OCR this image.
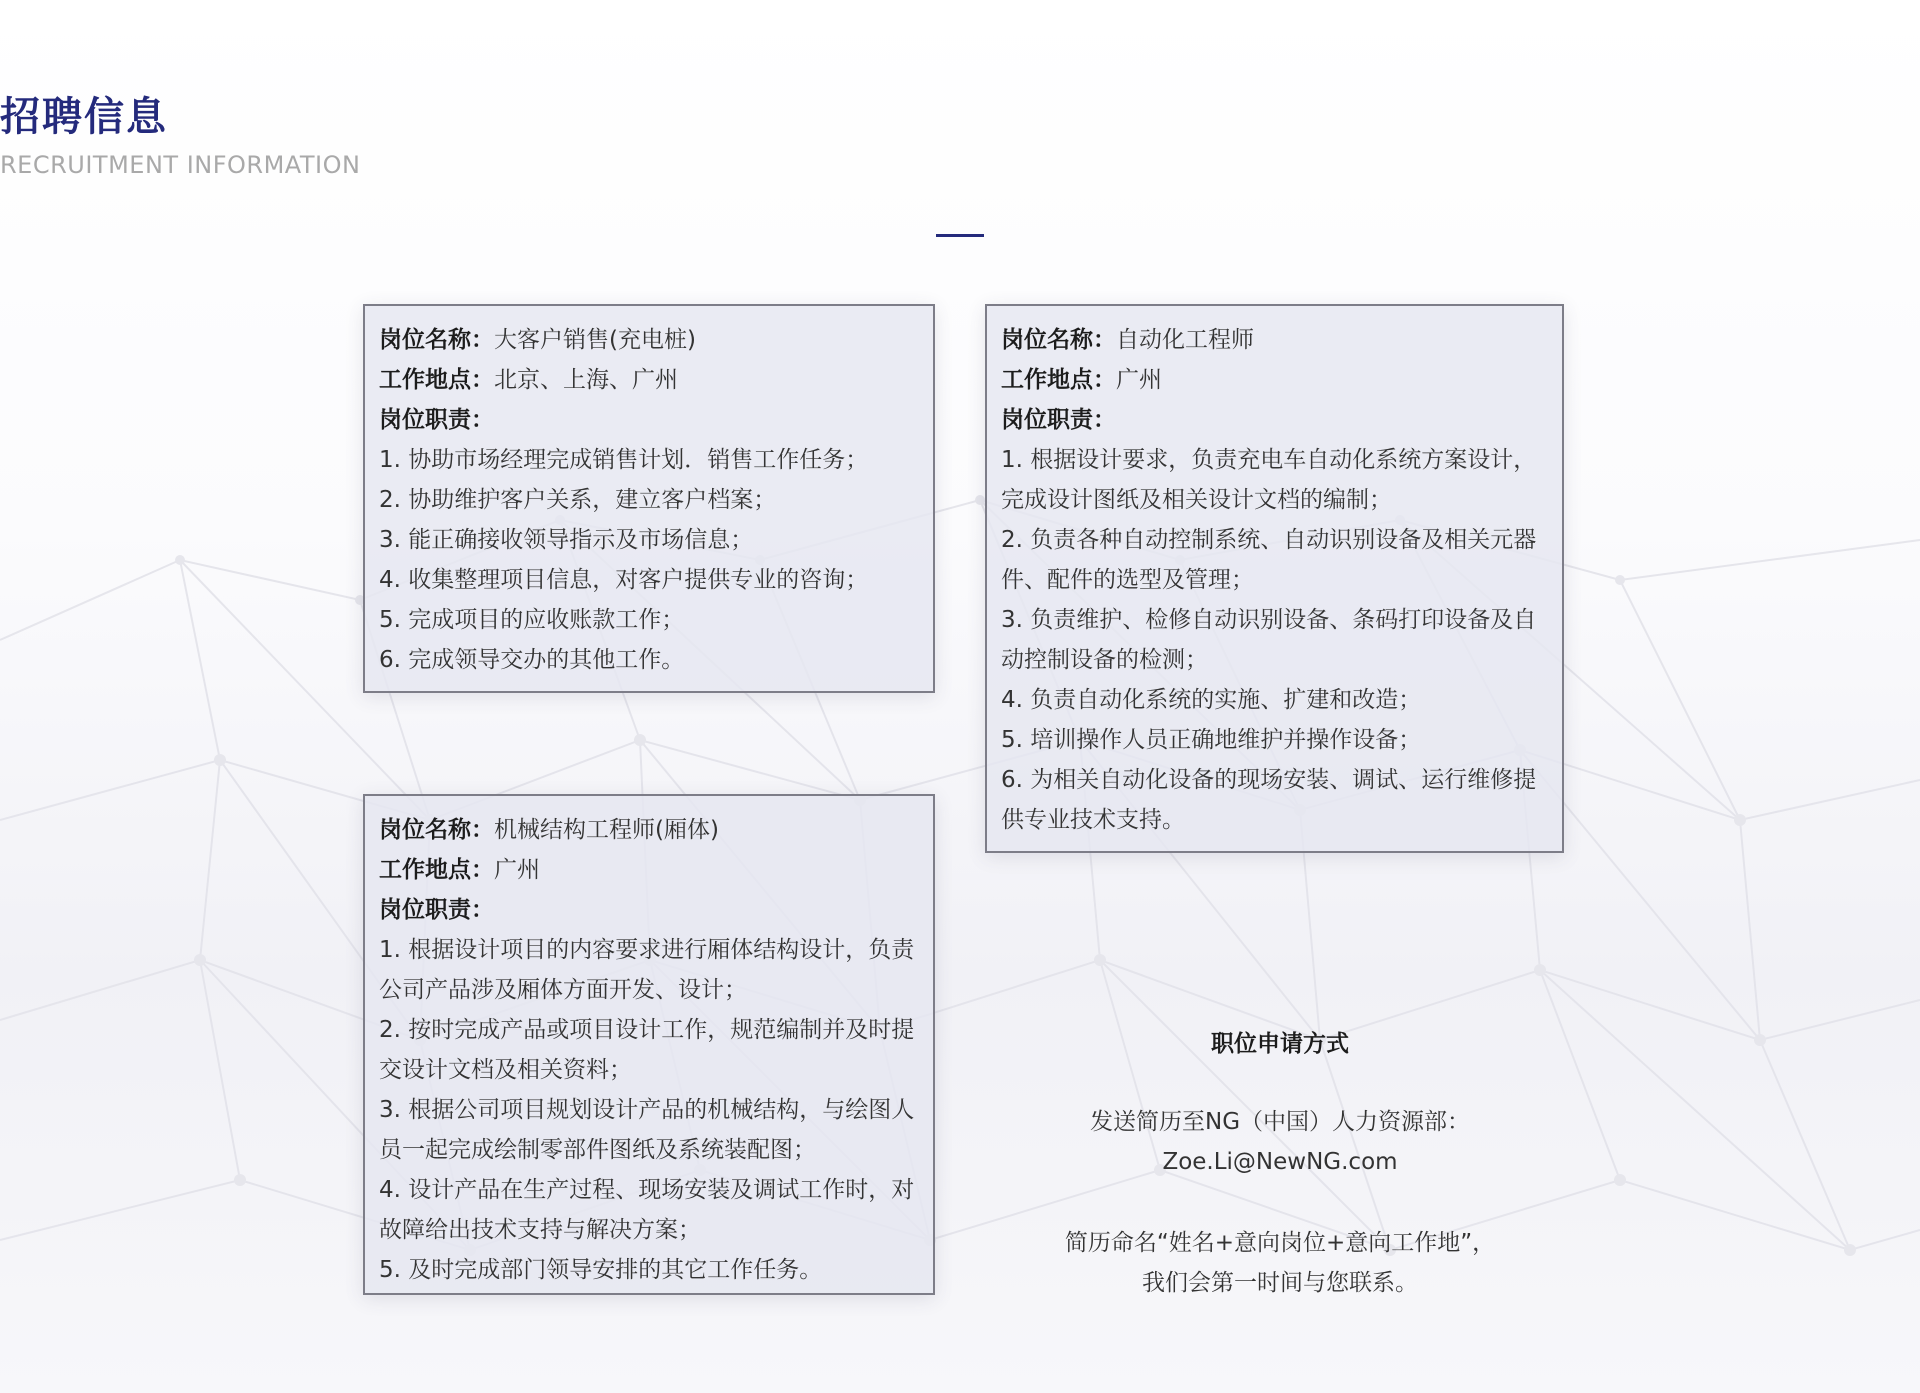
招聘信息
RECRUITMENT INFORMATION
岗位名称：大客户销售(充电桩)
工作地点：北京、上海、广州
岗位职责：
1. 协助市场经理完成销售计划．销售工作任务；
2. 协助维护客户关系，建立客户档案；
3. 能正确接收领导指示及市场信息；
4. 收集整理项目信息，对客户提供专业的咨询；
5. 完成项目的应收账款工作；
6. 完成领导交办的其他工作。
岗位名称：自动化工程师
工作地点：广州
岗位职责：
1. 根据设计要求，负责充电车自动化系统方案设计，完成设计图纸及相关设计文档的编制；
2. 负责各种自动控制系统、自动识别设备及相关元器件、配件的选型及管理；
3. 负责维护、检修自动识别设备、条码打印设备及自动控制设备的检测；
4. 负责自动化系统的实施、扩建和改造；
5. 培训操作人员正确地维护并操作设备；
6. 为相关自动化设备的现场安装、调试、运行维修提供专业技术支持。
岗位名称：机械结构工程师(厢体)
工作地点：广州
岗位职责：
1. 根据设计项目的内容要求进行厢体结构设计，负责公司产品涉及厢体方面开发、设计；
2. 按时完成产品或项目设计工作，规范编制并及时提交设计文档及相关资料；
3. 根据公司项目规划设计产品的机械结构，与绘图人员一起完成绘制零部件图纸及系统装配图；
4. 设计产品在生产过程、现场安装及调试工作时，对故障给出技术支持与解决方案；
5. 及时完成部门领导安排的其它工作任务。
职位申请方式
发送简历至NG（中国）人力资源部：
Zoe.Li@NewNG.com
简历命名“姓名+意向岗位+意向工作地”，
我们会第一时间与您联系。
